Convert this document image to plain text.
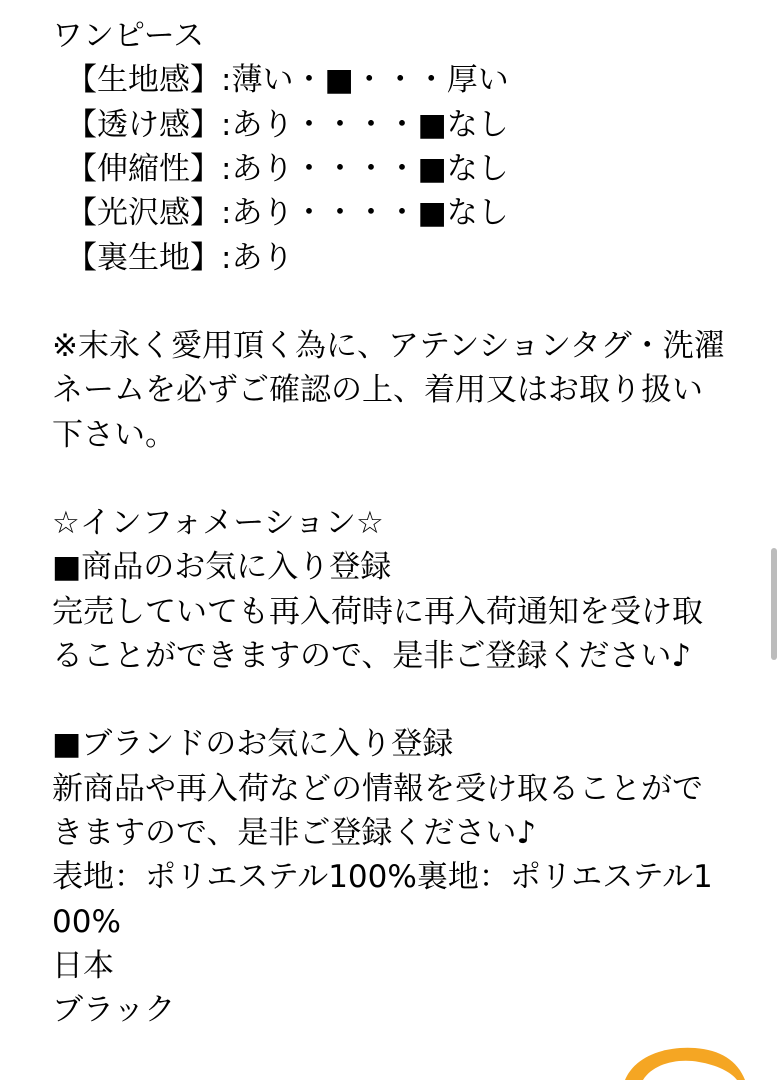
ワンピース
【生地感】:薄い・■・・・厚い
【透け感】:あり・・・・■なし
【伸縮性】:あり・・・・■なし
【光沢感】:あり・・・・■なし
【裏生地】:あり
※末永く愛用頂く為に、アテンションタグ・洗濯ネームを必ずご確認の上、着用又はお取り扱い下さい。
☆インフォメーション☆
■商品のお気に入り登録
完売していても再入荷時に再入荷通知を受け取ることができますので、是非ご登録ください♪
■ブランドのお気に入り登録
新商品や再入荷などの情報を受け取ることができますので、是非ご登録ください♪
表地：ポリエステル100%裏地：ポリエステル100%
日本
ブラック
